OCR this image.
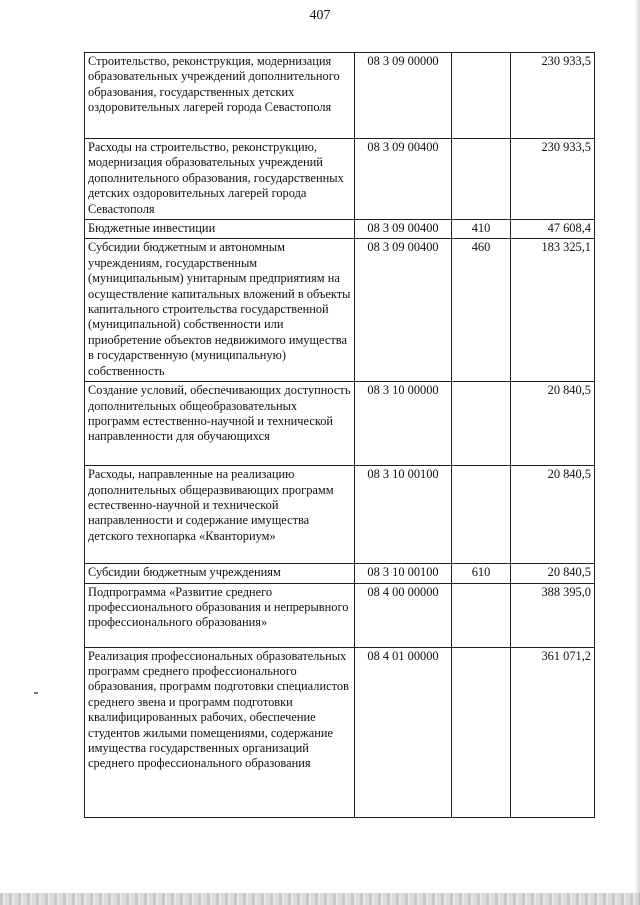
407
Строительство, реконструкция, модернизация образовательных учреждений дополнительного образования, государственных детских оздоровительных лагерей города Севастополя	08 3 09 00000		230 933,5
Расходы на строительство, реконструкцию, модернизация образовательных учреждений дополнительного образования, государственных детских оздоровительных лагерей города Севастополя	08 3 09 00400		230 933,5
Бюджетные инвестиции	08 3 09 00400	410	47 608,4
Субсидии бюджетным и автономным учреждениям, государственным (муниципальным) унитарным предприятиям на осуществление капитальных вложений в объекты капитального строительства государственной (муниципальной) собственности или приобретение объектов недвижимого имущества в государственную (муниципальную) собственность	08 3 09 00400	460	183 325,1
Создание условий, обеспечивающих доступность дополнительных общеобразовательных программ естественно-научной и технической направленности для обучающихся	08 3 10 00000		20 840,5
Расходы, направленные на реализацию дополнительных общеразвивающих программ естественно-научной и технической направленности и содержание имущества детского технопарка «Кванториум»	08 3 10 00100		20 840,5
Субсидии бюджетным учреждениям	08 3 10 00100	610	20 840,5
Подпрограмма «Развитие среднего профессионального образования и непрерывного профессионального образования»	08 4 00 00000		388 395,0
Реализация профессиональных образовательных программ среднего профессионального образования, программ подготовки специалистов среднего звена и программ подготовки квалифицированных рабочих, обеспечение студентов жилыми помещениями, содержание имущества государственных организаций среднего профессионального образования	08 4 01 00000		361 071,2
